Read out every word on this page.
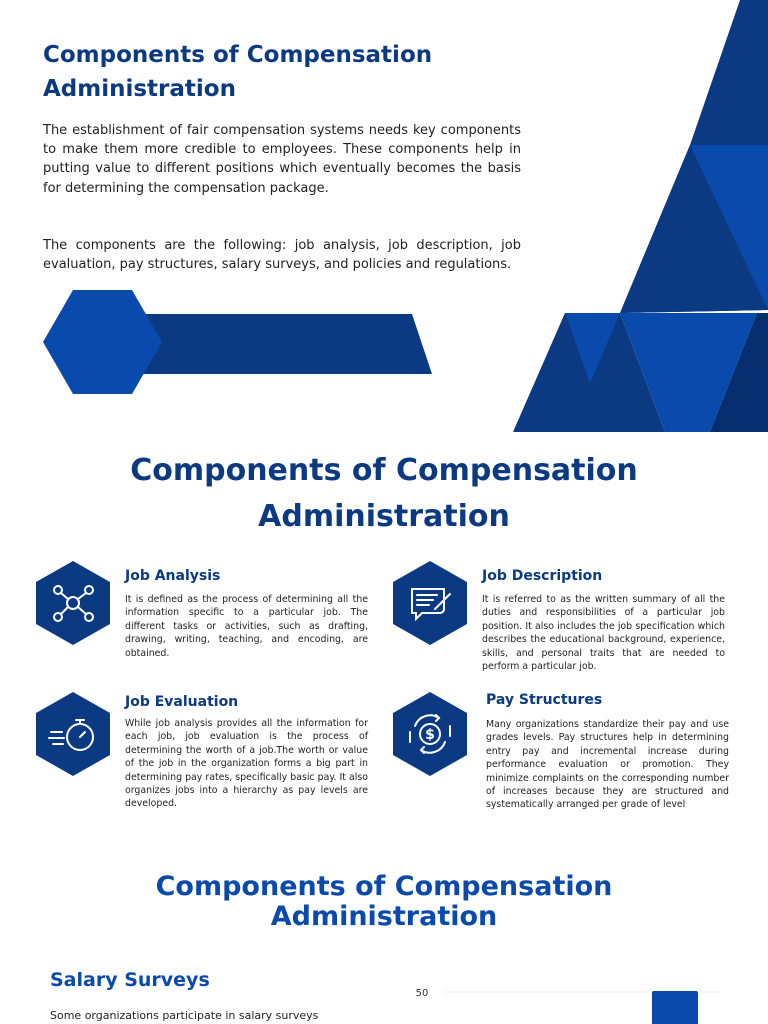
Components of Compensation Administration

The establishment of fair compensation systems needs key components to make them more credible to employees. These components help in putting value to different positions which eventually becomes the basis for determining the compensation package.

The components are the following: job analysis, job description, job evaluation, pay structures, salary surveys, and policies and regulations.

Components of Compensation Administration
Job Analysis

It is defined as the process of determining all the information specific to a particular job. The different tasks or activities, such as drafting, drawing, writing, teaching, and encoding, are obtained.

Job Description

It is referred to as the written summary of all the duties and responsibilities of a particular job position. It also includes the job specification which describes the educational background, experience, skills, and personal traits that are needed to perform a particular job.

Job Evaluation

While job analysis provides all the information for each job, job evaluation is the process of determining the worth of a job.The worth or value of the job in the organization forms a big part in determining pay rates, specifically basic pay. It also organizes jobs into a hierarchy as pay levels are developed.

$
Pay Structures

Many organizations standardize their pay and use grades levels. Pay structures help in determining entry pay and incremental increase during performance evaluation or promotion. They minimize complaints on the corresponding number of increases because they are structured and systematically arranged per grade of level

Components of Compensation Administration
Salary Surveys

Some organizations participate in salary surveys

50
